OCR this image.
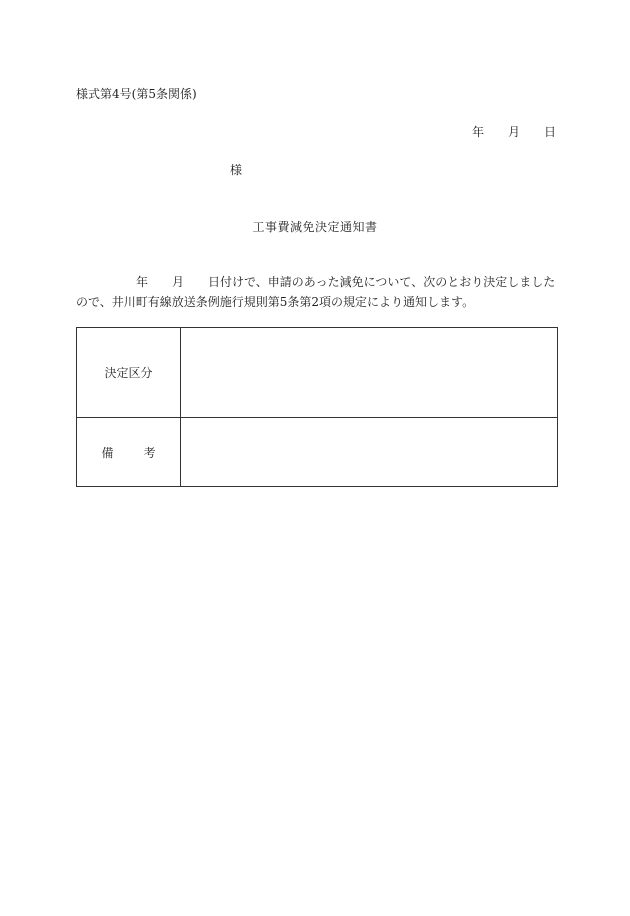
様式第4号(第5条関係)
年 月 日
様
工事費減免決定通知書
年 月 日付けで、申請のあった減免について、次のとおり決定しましたので、井川町有線放送条例施行規則第5条第2項の規定により通知します。
決定区分	
備 考	
